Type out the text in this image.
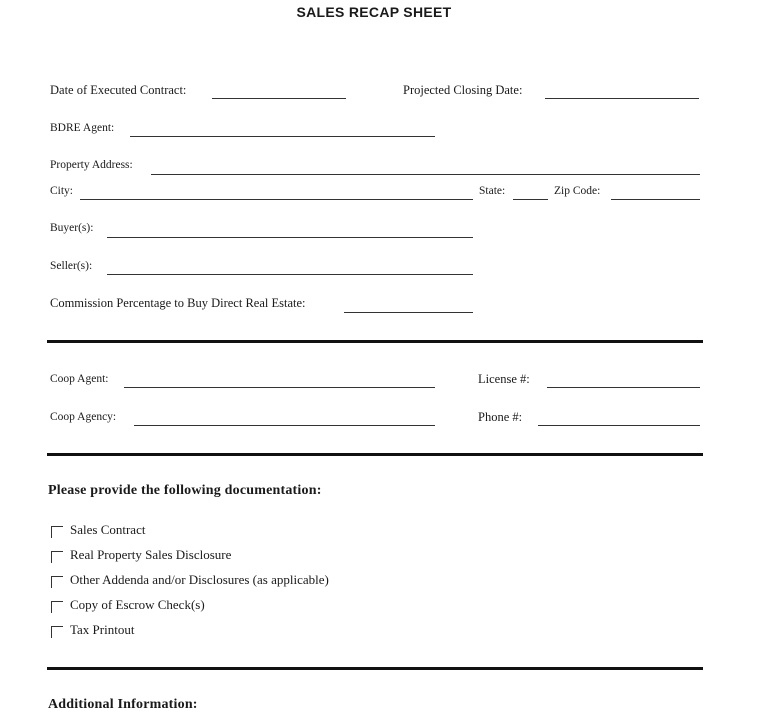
SALES RECAP SHEET
Date of Executed Contract:	Projected Closing Date:
BDRE Agent:
Property Address:
City:	State:	Zip Code:
Buyer(s):
Seller(s):
Commission Percentage to Buy Direct Real Estate:
Coop Agent:	License #:
Coop Agency:	Phone #:
Please provide the following documentation:
Sales Contract
Real Property Sales Disclosure
Other Addenda and/or Disclosures (as applicable)
Copy of Escrow Check(s)
Tax Printout
Additional Information:
